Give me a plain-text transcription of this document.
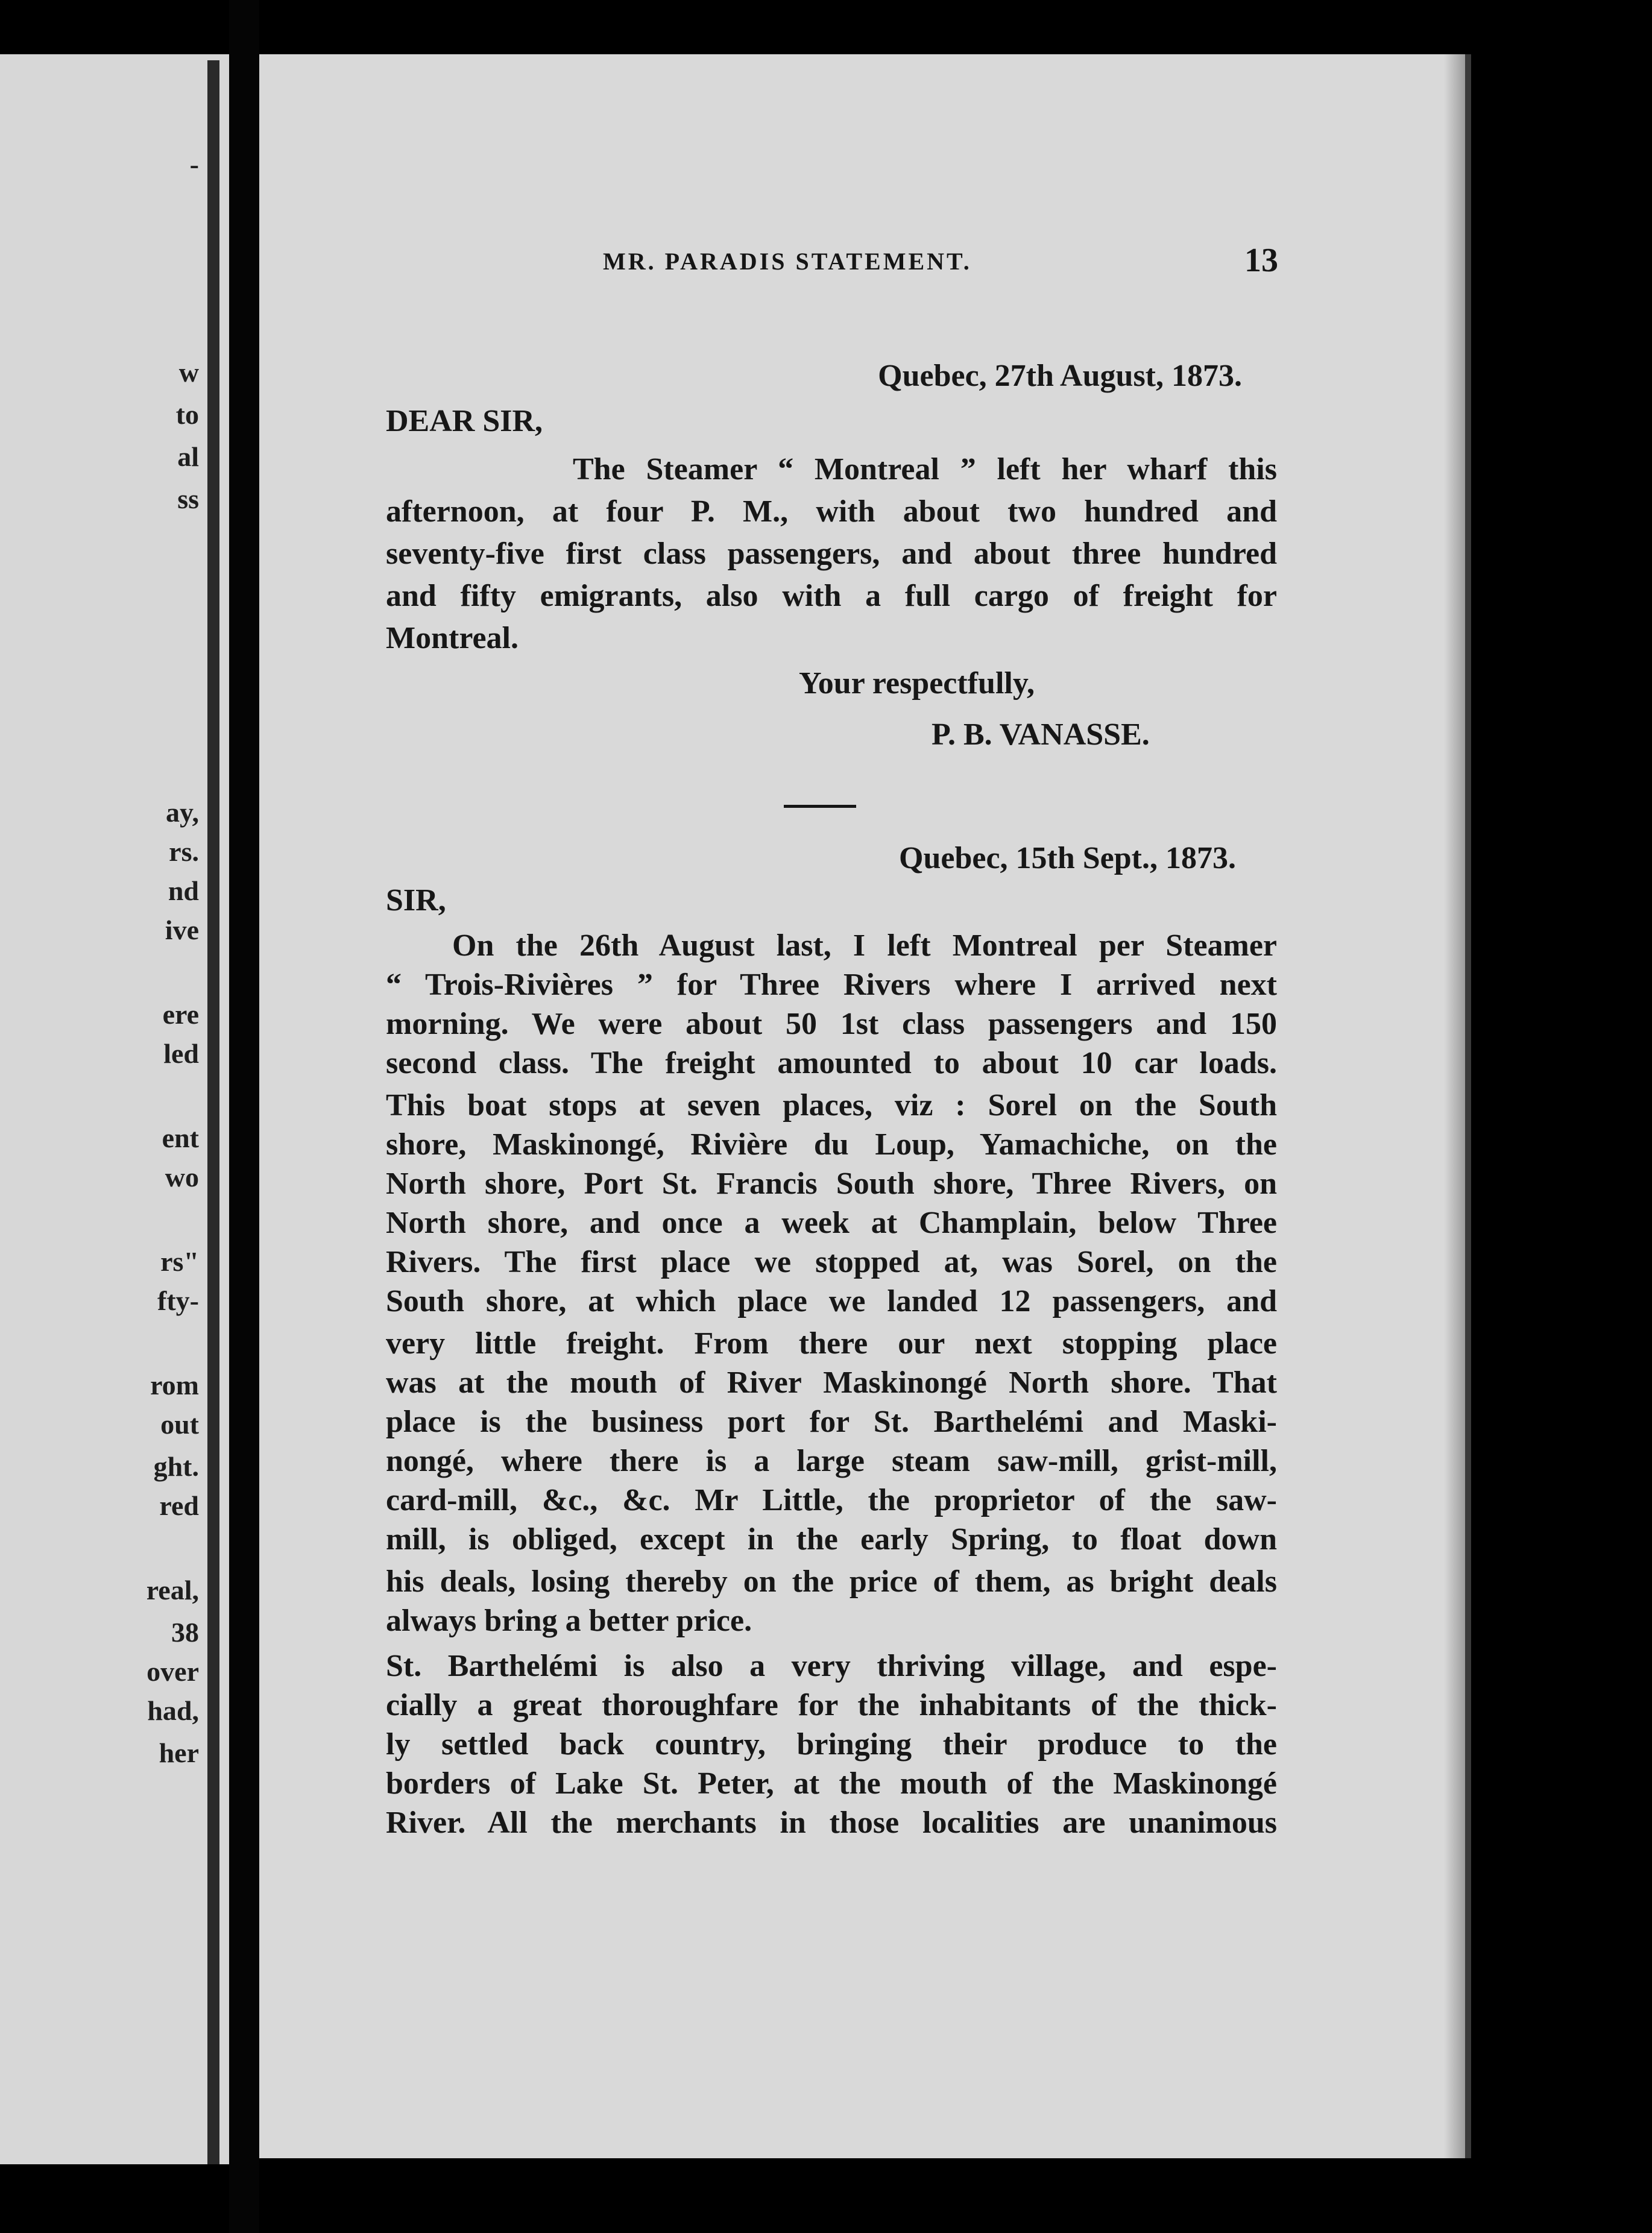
-
w
to
al
ss
ay,
rs.
nd
ive
ere
led
ent
wo
rs"
fty-
rom
out
ght.
red
real,
38
over
had,
her
MR. PARADIS STATEMENT.	13
Quebec, 27th August, 1873.
DEAR SIR,
The Steamer “ Montreal ” left her wharf this
afternoon, at four P. M., with about two hundred and
seventy-five first class passengers, and about three hundred
and fifty emigrants, also with a full cargo of freight for
Montreal.
Your respectfully,
P. B. VANASSE.
Quebec, 15th Sept., 1873.
SIR,
On the 26th August last, I left Montreal per Steamer
“ Trois-Rivières ” for Three Rivers where I arrived next
morning. We were about 50 1st class passengers and 150
second class. The freight amounted to about 10 car loads.
This boat stops at seven places, viz : Sorel on the South
shore, Maskinongé, Rivière du Loup, Yamachiche, on the
North shore, Port St. Francis South shore, Three Rivers, on
North shore, and once a week at Champlain, below Three
Rivers. The first place we stopped at, was Sorel, on the
South shore, at which place we landed 12 passengers, and
very little freight. From there our next stopping place
was at the mouth of River Maskinongé North shore. That
place is the business port for St. Barthelémi and Maski-
nongé, where there is a large steam saw-mill, grist-mill,
card-mill, &c., &c. Mr Little, the proprietor of the saw-
mill, is obliged, except in the early Spring, to float down
his deals, losing thereby on the price of them, as bright deals
always bring a better price.
St. Barthelémi is also a very thriving village, and espe-
cially a great thoroughfare for the inhabitants of the thick-
ly settled back country, bringing their produce to the
borders of Lake St. Peter, at the mouth of the Maskinongé
River. All the merchants in those localities are unanimous
